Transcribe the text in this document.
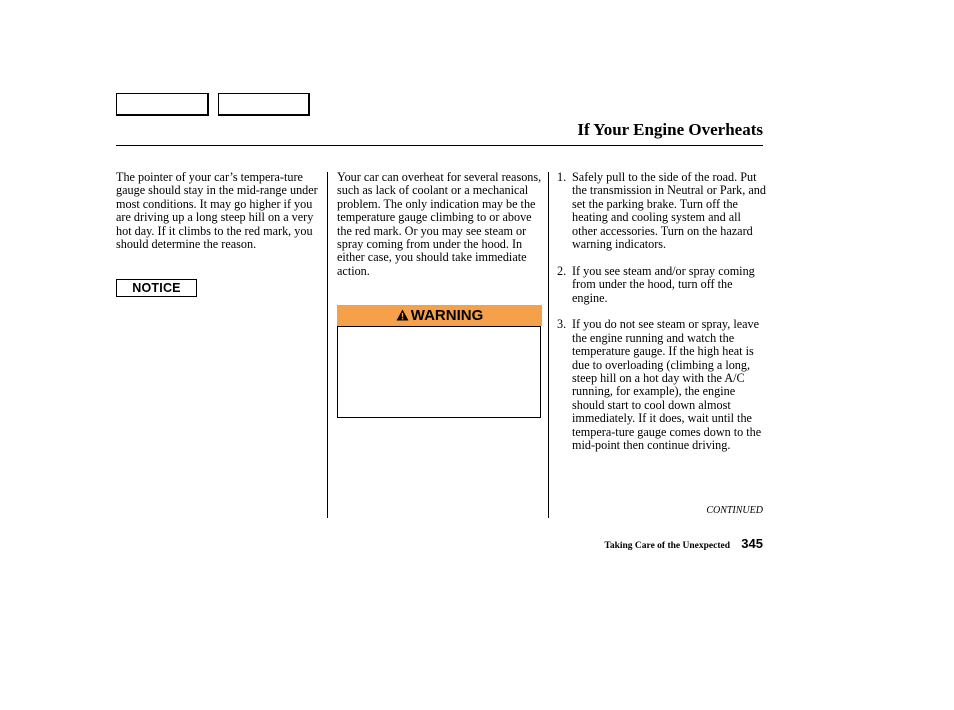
If Your Engine Overheats

The pointer of your car’s tempera-ture gauge should stay in the mid-range under most conditions. It may go higher if you are driving up a long steep hill on a very hot day. If it climbs to the red mark, you should determine the reason.

NOTICE

Your car can overheat for several reasons, such as lack of coolant or a mechanical problem. The only indication may be the temperature gauge climbing to or above the red mark. Or you may see steam or spray coming from under the hood. In either case, you should take immediate action.

WARNING
1. Safely pull to the side of the road. Put the transmission in Neutral or Park, and set the parking brake. Turn off the heating and cooling system and all other accessories. Turn on the hazard warning indicators.
2. If you see steam and/or spray coming from under the hood, turn off the engine.
3. If you do not see steam or spray, leave the engine running and watch the temperature gauge. If the high heat is due to overloading (climbing a long, steep hill on a hot day with the A/C running, for example), the engine should start to cool down almost immediately. If it does, wait until the tempera-ture gauge comes down to the mid-point then continue driving.
CONTINUED
Taking Care of the Unexpected 345
